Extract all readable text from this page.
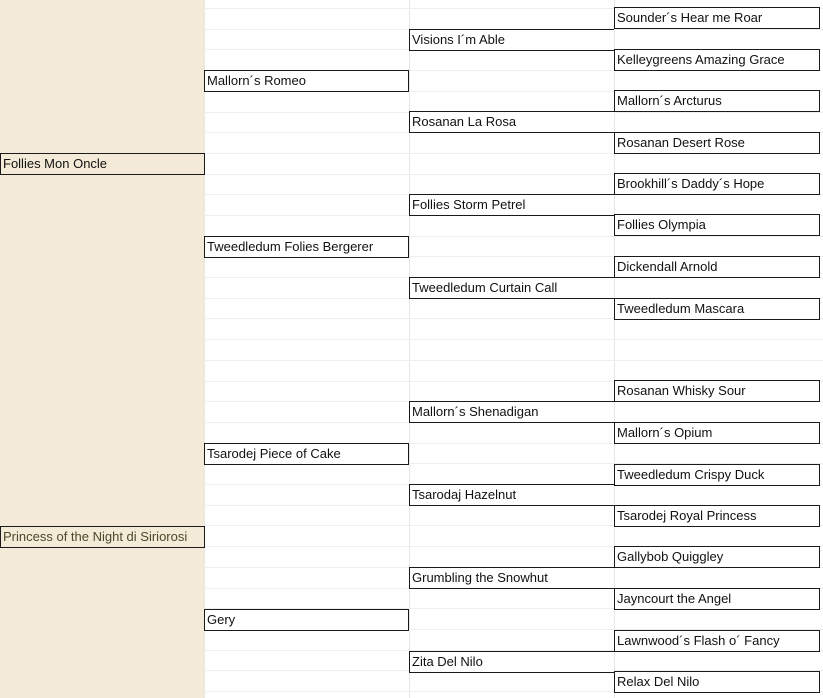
Follies Mon Oncle
Princess of the Night di Siriorosi
Mallorn´s Romeo
Tweedledum Folies Bergerer
Tsarodej Piece of Cake
Gery
Visions I´m Able
Rosanan La Rosa
Follies Storm Petrel
Tweedledum Curtain Call
Mallorn´s Shenadigan
Tsarodaj Hazelnut
Grumbling the Snowhut
Zita Del Nilo
Sounder´s Hear me Roar
Kelleygreens Amazing Grace
Mallorn´s Arcturus
Rosanan Desert Rose
Brookhill´s Daddy´s Hope
Follies Olympia
Dickendall Arnold
Tweedledum Mascara
Rosanan Whisky Sour
Mallorn´s Opium
Tweedledum Crispy Duck
Tsarodej Royal Princess
Gallybob Quiggley
Jayncourt the Angel
Lawnwood´s Flash o´ Fancy
Relax Del Nilo
